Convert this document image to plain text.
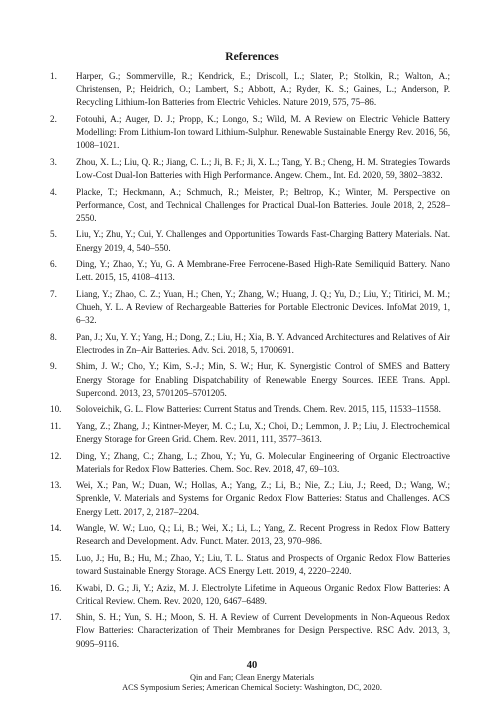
References
1.	Harper, G.; Sommerville, R.; Kendrick, E.; Driscoll, L.; Slater, P.; Stolkin, R.; Walton, A.; Christensen, P.; Heidrich, O.; Lambert, S.; Abbott, A.; Ryder, K. S.; Gaines, L.; Anderson, P. Recycling Lithium-Ion Batteries from Electric Vehicles. Nature 2019, 575, 75–86.
2.	Fotouhi, A.; Auger, D. J.; Propp, K.; Longo, S.; Wild, M. A Review on Electric Vehicle Battery Modelling: From Lithium-Ion toward Lithium-Sulphur. Renewable Sustainable Energy Rev. 2016, 56, 1008–1021.
3.	Zhou, X. L.; Liu, Q. R.; Jiang, C. L.; Ji, B. F.; Ji, X. L.; Tang, Y. B.; Cheng, H. M. Strategies Towards Low-Cost Dual-Ion Batteries with High Performance. Angew. Chem., Int. Ed. 2020, 59, 3802–3832.
4.	Placke, T.; Heckmann, A.; Schmuch, R.; Meister, P.; Beltrop, K.; Winter, M. Perspective on Performance, Cost, and Technical Challenges for Practical Dual-Ion Batteries. Joule 2018, 2, 2528–2550.
5.	Liu, Y.; Zhu, Y.; Cui, Y. Challenges and Opportunities Towards Fast-Charging Battery Materials. Nat. Energy 2019, 4, 540–550.
6.	Ding, Y.; Zhao, Y.; Yu, G. A Membrane-Free Ferrocene-Based High-Rate Semiliquid Battery. Nano Lett. 2015, 15, 4108–4113.
7.	Liang, Y.; Zhao, C. Z.; Yuan, H.; Chen, Y.; Zhang, W.; Huang, J. Q.; Yu, D.; Liu, Y.; Titirici, M. M.; Chueh, Y. L. A Review of Rechargeable Batteries for Portable Electronic Devices. InfoMat 2019, 1, 6–32.
8.	Pan, J.; Xu, Y. Y.; Yang, H.; Dong, Z.; Liu, H.; Xia, B. Y. Advanced Architectures and Relatives of Air Electrodes in Zn–Air Batteries. Adv. Sci. 2018, 5, 1700691.
9.	Shim, J. W.; Cho, Y.; Kim, S.-J.; Min, S. W.; Hur, K. Synergistic Control of SMES and Battery Energy Storage for Enabling Dispatchability of Renewable Energy Sources. IEEE Trans. Appl. Supercond. 2013, 23, 5701205–5701205.
10.	Soloveichik, G. L. Flow Batteries: Current Status and Trends. Chem. Rev. 2015, 115, 11533–11558.
11.	Yang, Z.; Zhang, J.; Kintner-Meyer, M. C.; Lu, X.; Choi, D.; Lemmon, J. P.; Liu, J. Electrochemical Energy Storage for Green Grid. Chem. Rev. 2011, 111, 3577–3613.
12.	Ding, Y.; Zhang, C.; Zhang, L.; Zhou, Y.; Yu, G. Molecular Engineering of Organic Electroactive Materials for Redox Flow Batteries. Chem. Soc. Rev. 2018, 47, 69–103.
13.	Wei, X.; Pan, W.; Duan, W.; Hollas, A.; Yang, Z.; Li, B.; Nie, Z.; Liu, J.; Reed, D.; Wang, W.; Sprenkle, V. Materials and Systems for Organic Redox Flow Batteries: Status and Challenges. ACS Energy Lett. 2017, 2, 2187–2204.
14.	Wangle, W. W.; Luo, Q.; Li, B.; Wei, X.; Li, L.; Yang, Z. Recent Progress in Redox Flow Battery Research and Development. Adv. Funct. Mater. 2013, 23, 970–986.
15.	Luo, J.; Hu, B.; Hu, M.; Zhao, Y.; Liu, T. L. Status and Prospects of Organic Redox Flow Batteries toward Sustainable Energy Storage. ACS Energy Lett. 2019, 4, 2220–2240.
16.	Kwabi, D. G.; Ji, Y.; Aziz, M. J. Electrolyte Lifetime in Aqueous Organic Redox Flow Batteries: A Critical Review. Chem. Rev. 2020, 120, 6467–6489.
17.	Shin, S. H.; Yun, S. H.; Moon, S. H. A Review of Current Developments in Non-Aqueous Redox Flow Batteries: Characterization of Their Membranes for Design Perspective. RSC Adv. 2013, 3, 9095–9116.
40
Qin and Fan; Clean Energy Materials
ACS Symposium Series; American Chemical Society: Washington, DC, 2020.
